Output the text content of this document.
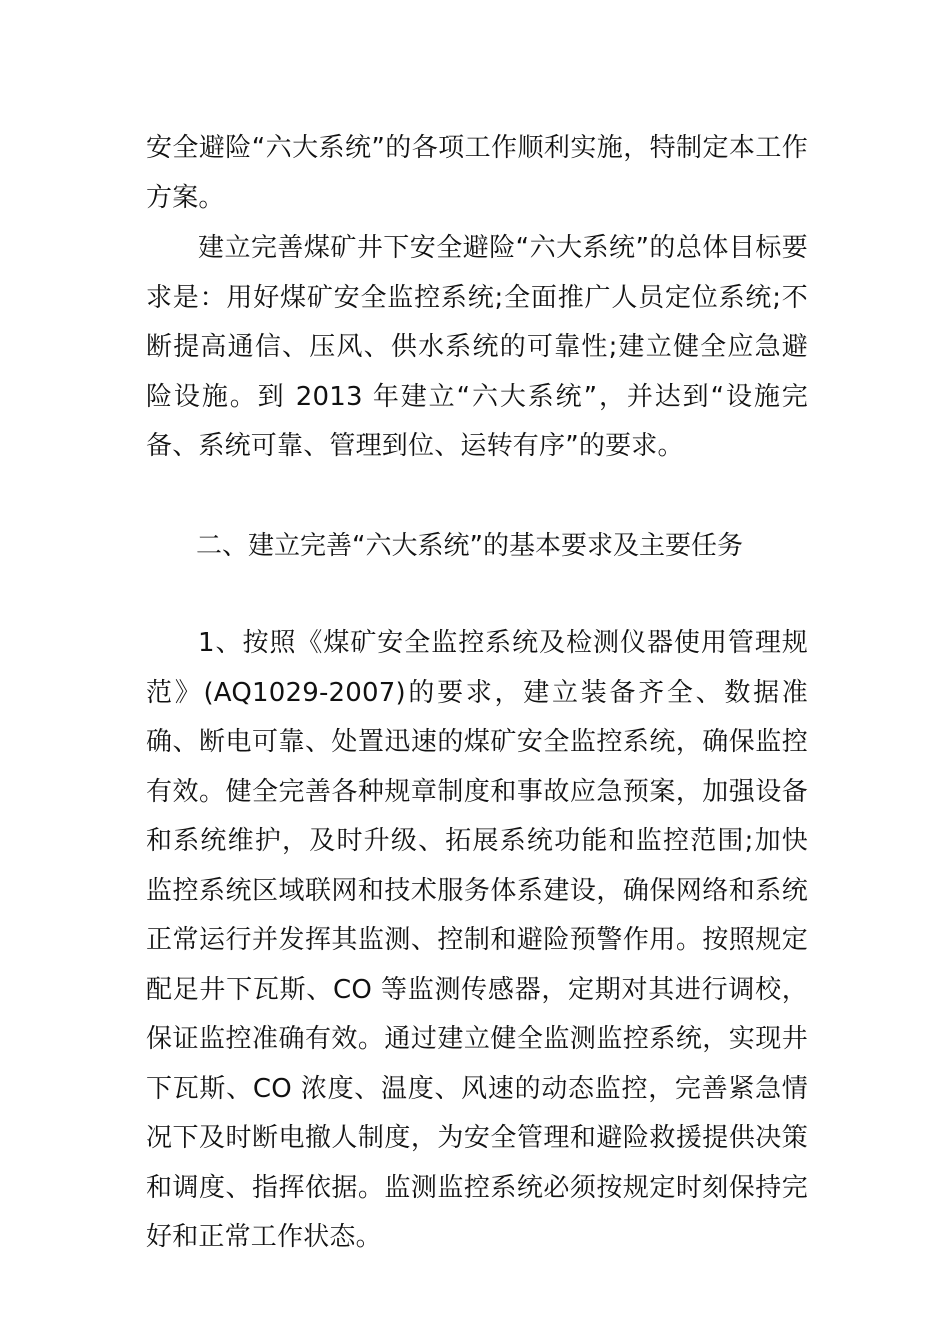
安全避险“六大系统”的各项工作顺利实施，特制定本工作方案。
建立完善煤矿井下安全避险“六大系统”的总体目标要求是：用好煤矿安全监控系统;全面推广人员定位系统;不断提高通信、压风、供水系统的可靠性;建立健全应急避险设施。到 2013 年建立“六大系统”，并达到“设施完备、系统可靠、管理到位、运转有序”的要求。
二、建立完善“六大系统”的基本要求及主要任务
1、按照《煤矿安全监控系统及检测仪器使用管理规范》(AQ1029-2007)的要求，建立装备齐全、数据准确、断电可靠、处置迅速的煤矿安全监控系统，确保监控有效。健全完善各种规章制度和事故应急预案，加强设备和系统维护，及时升级、拓展系统功能和监控范围;加快监控系统区域联网和技术服务体系建设，确保网络和系统正常运行并发挥其监测、控制和避险预警作用。按照规定配足井下瓦斯、CO 等监测传感器，定期对其进行调校，保证监控准确有效。通过建立健全监测监控系统，实现井下瓦斯、CO 浓度、温度、风速的动态监控，完善紧急情况下及时断电撤人制度，为安全管理和避险救援提供决策和调度、指挥依据。监测监控系统必须按规定时刻保持完好和正常工作状态。
